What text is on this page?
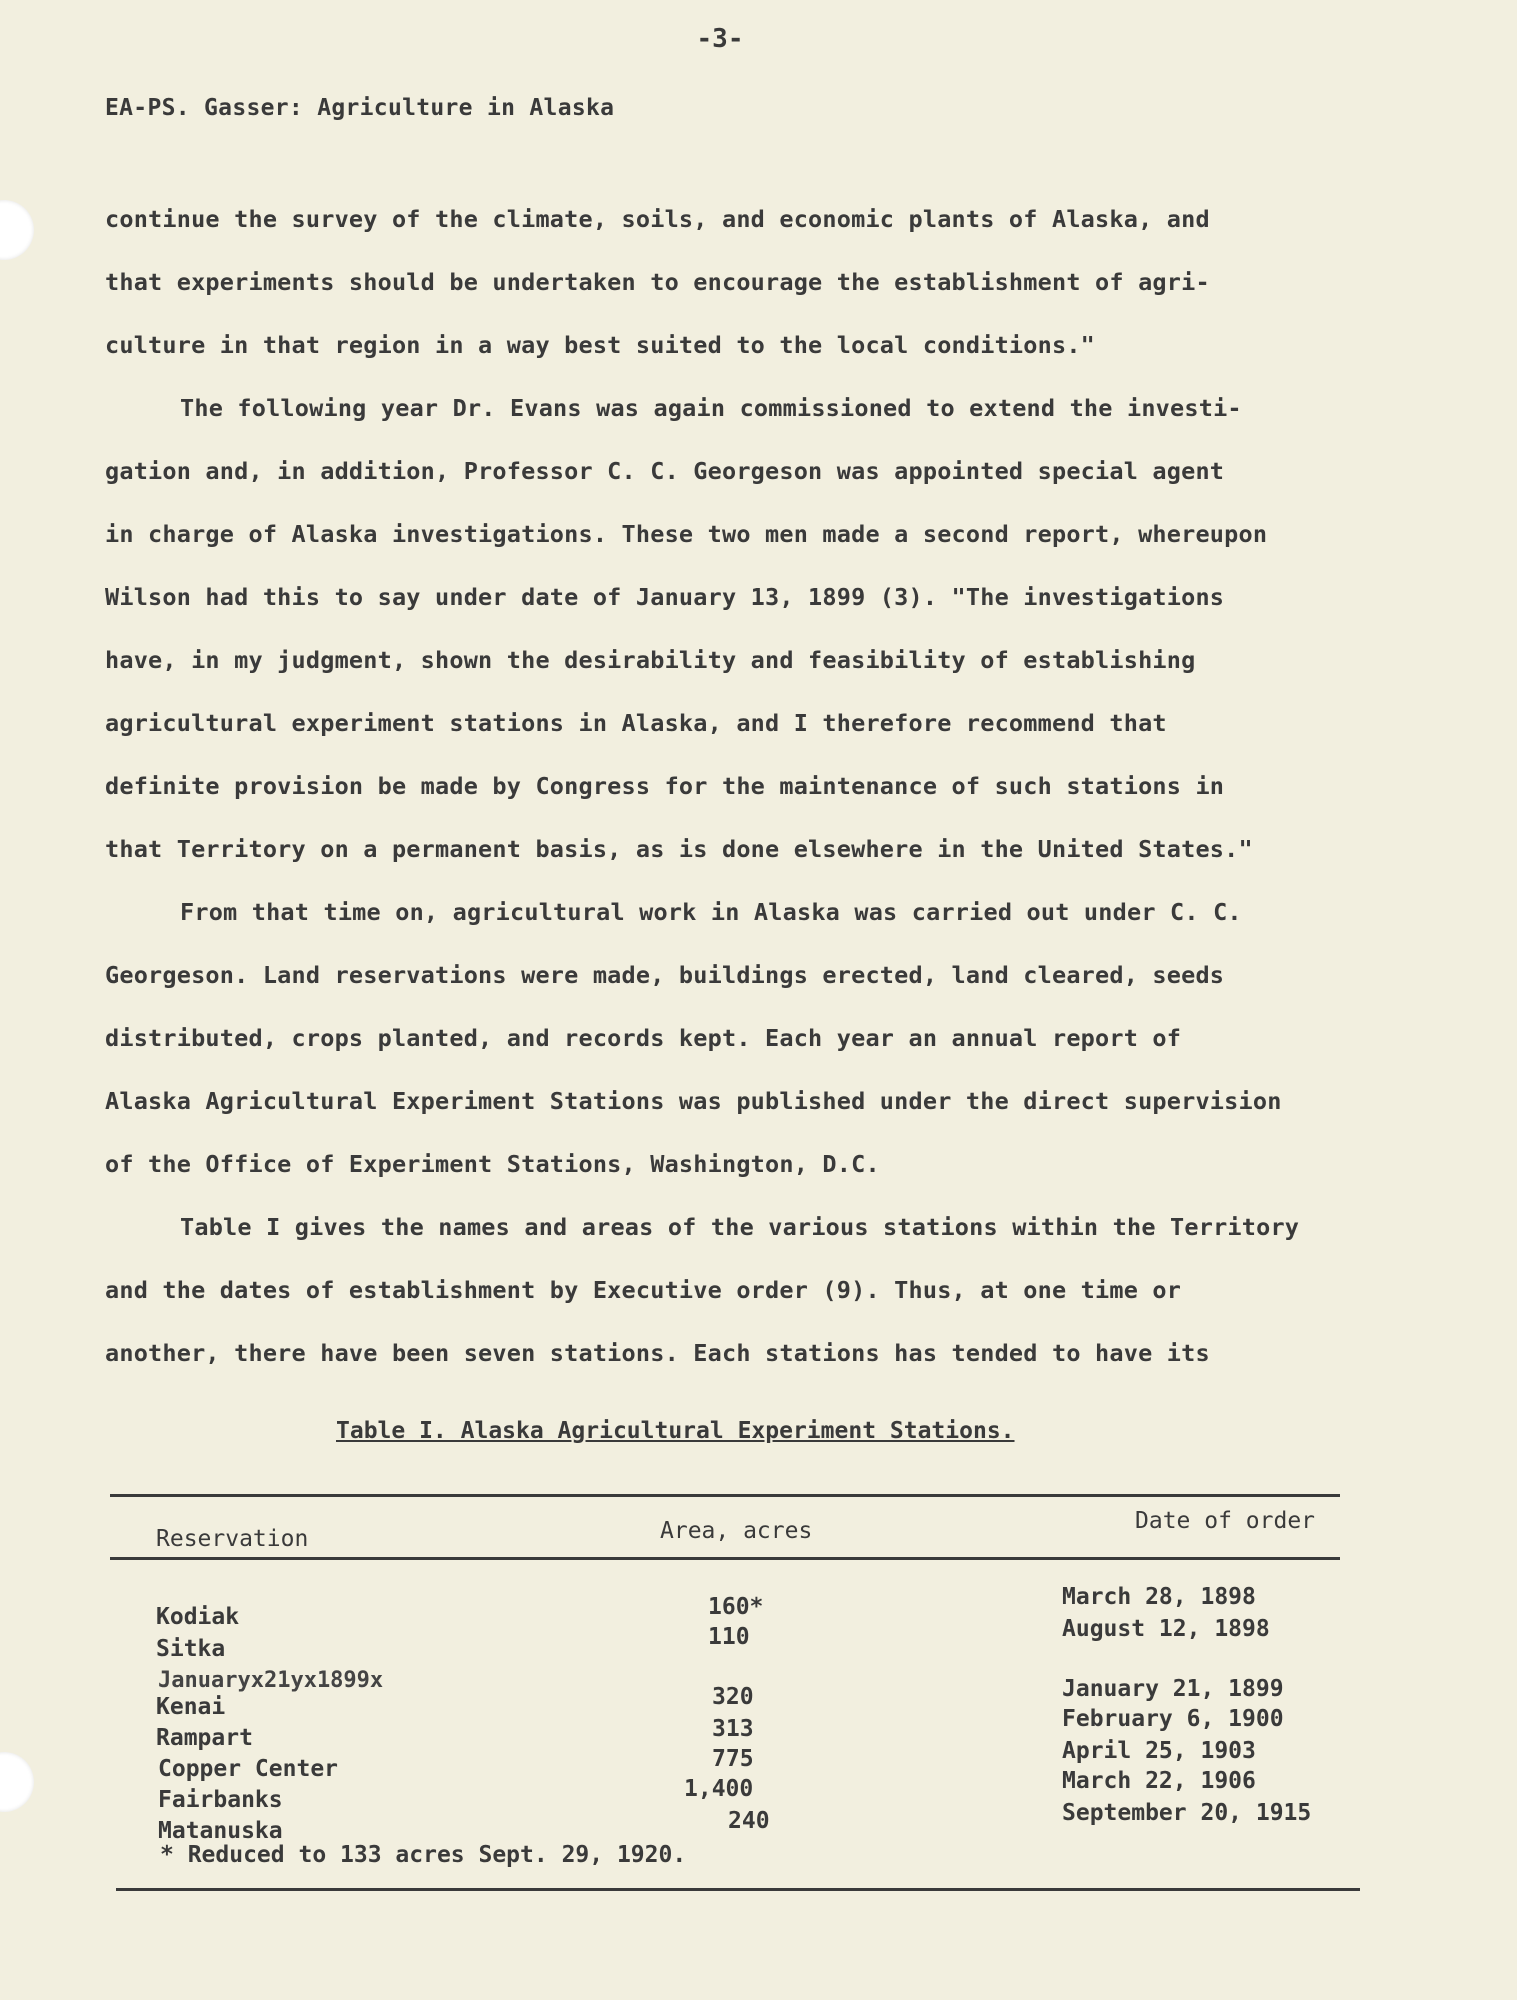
-3-
EA-PS. Gasser: Agriculture in Alaska
continue the survey of the climate, soils, and economic plants of Alaska, and
that experiments should be undertaken to encourage the establishment of agri-
culture in that region in a way best suited to the local conditions."
The following year Dr. Evans was again commissioned to extend the investi-
gation and, in addition, Professor C. C. Georgeson was appointed special agent
in charge of Alaska investigations. These two men made a second report, whereupon
Wilson had this to say under date of January 13, 1899 (3). "The investigations
have, in my judgment, shown the desirability and feasibility of establishing
agricultural experiment stations in Alaska, and I therefore recommend that
definite provision be made by Congress for the maintenance of such stations in
that Territory on a permanent basis, as is done elsewhere in the United States."
From that time on, agricultural work in Alaska was carried out under C. C.
Georgeson. Land reservations were made, buildings erected, land cleared, seeds
distributed, crops planted, and records kept. Each year an annual report of
Alaska Agricultural Experiment Stations was published under the direct supervision
of the Office of Experiment Stations, Washington, D.C.
Table I gives the names and areas of the various stations within the Territory
and the dates of establishment by Executive order (9). Thus, at one time or
another, there have been seven stations. Each stations has tended to have its
Table I. Alaska Agricultural Experiment Stations.
Reservation	Area, acres	Date of order
Kodiak
Sitka
Januaryx21yx1899x
Kenai
Rampart
Copper Center
Fairbanks
Matanuska
160*
110
320
313
775
1,400
240
March 28, 1898
August 12, 1898
January 21, 1899
February 6, 1900
April 25, 1903
March 22, 1906
September 20, 1915
* Reduced to 133 acres Sept. 29, 1920.
